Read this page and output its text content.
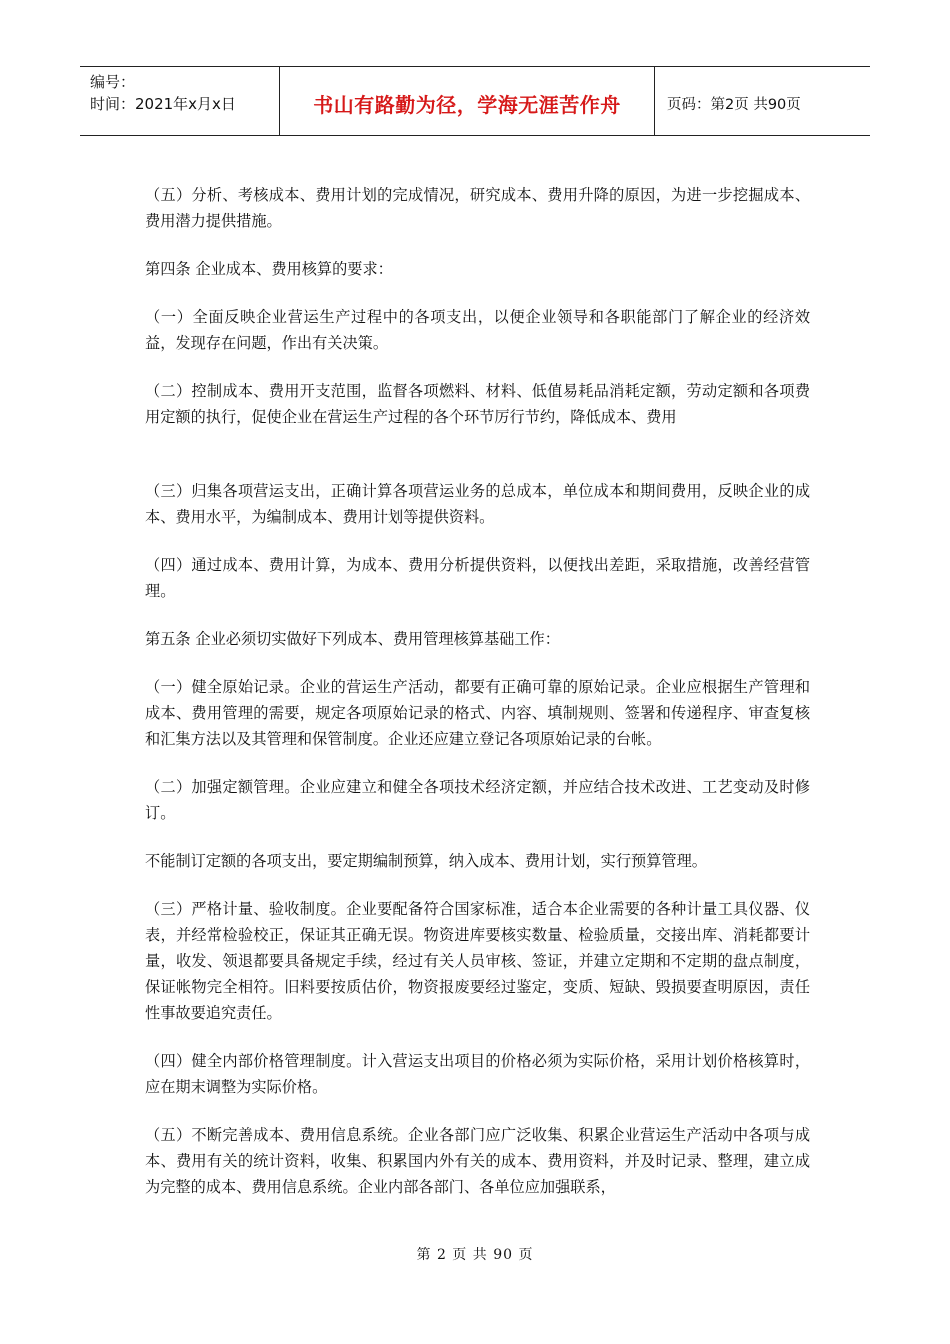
编号：
时间：2021年x月x日	书山有路勤为径，学海无涯苦作舟	页码：第2页 共90页

（五）分析、考核成本、费用计划的完成情况，研究成本、费用升降的原因，为进一步挖掘成本、费用潜力提供措施。

第四条 企业成本、费用核算的要求：

（一）全面反映企业营运生产过程中的各项支出，以便企业领导和各职能部门了解企业的经济效益，发现存在问题，作出有关决策。

（二）控制成本、费用开支范围，监督各项燃料、材料、低值易耗品消耗定额，劳动定额和各项费用定额的执行，促使企业在营运生产过程的各个环节厉行节约，降低成本、费用

（三）归集各项营运支出，正确计算各项营运业务的总成本，单位成本和期间费用，反映企业的成本、费用水平，为编制成本、费用计划等提供资料。

（四）通过成本、费用计算，为成本、费用分析提供资料，以便找出差距，采取措施，改善经营管理。

第五条 企业必须切实做好下列成本、费用管理核算基础工作：

（一）健全原始记录。企业的营运生产活动，都要有正确可靠的原始记录。企业应根据生产管理和成本、费用管理的需要，规定各项原始记录的格式、内容、填制规则、签署和传递程序、审查复核和汇集方法以及其管理和保管制度。企业还应建立登记各项原始记录的台帐。

（二）加强定额管理。企业应建立和健全各项技术经济定额，并应结合技术改进、工艺变动及时修订。

不能制订定额的各项支出，要定期编制预算，纳入成本、费用计划，实行预算管理。

（三）严格计量、验收制度。企业要配备符合国家标准，适合本企业需要的各种计量工具仪器、仪表，并经常检验校正，保证其正确无误。物资进库要核实数量、检验质量，交接出库、消耗都要计量，收发、领退都要具备规定手续，经过有关人员审核、签证，并建立定期和不定期的盘点制度，保证帐物完全相符。旧料要按质估价，物资报废要经过鉴定，变质、短缺、毁损要查明原因，责任性事故要追究责任。

（四）健全内部价格管理制度。计入营运支出项目的价格必须为实际价格，采用计划价格核算时，应在期末调整为实际价格。

（五）不断完善成本、费用信息系统。企业各部门应广泛收集、积累企业营运生产活动中各项与成本、费用有关的统计资料，收集、积累国内外有关的成本、费用资料，并及时记录、整理，建立成为完整的成本、费用信息系统。企业内部各部门、各单位应加强联系，

第 2 页 共 90 页
